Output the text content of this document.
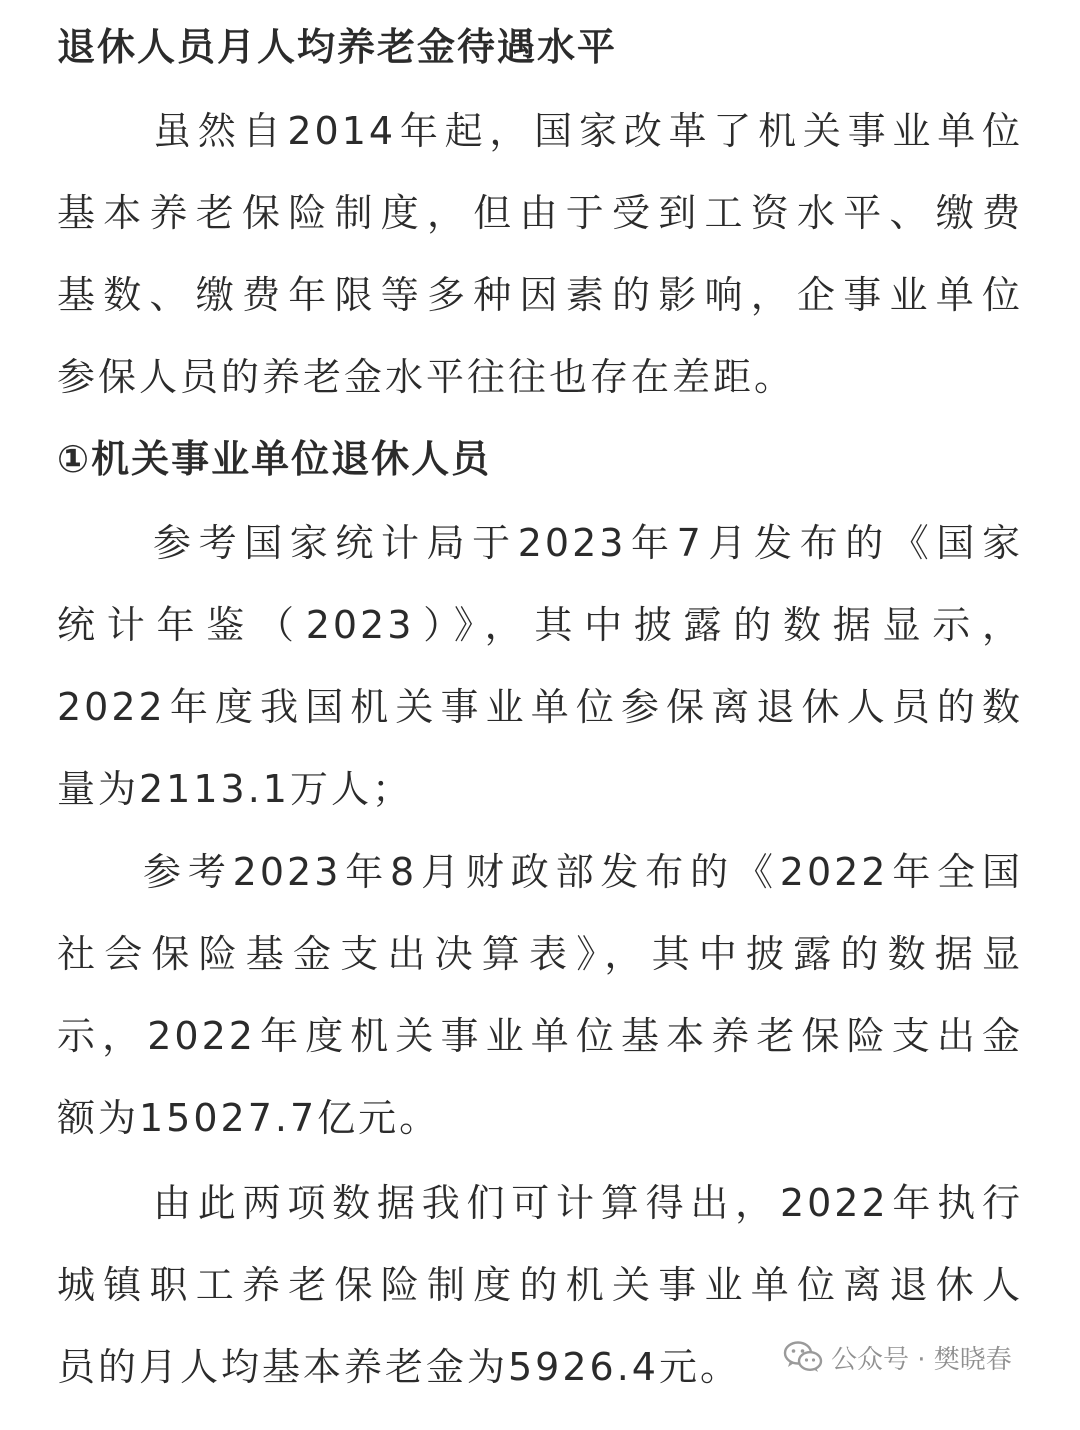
退休人员月人均养老金待遇水平
虽然自2014年起，国家改革了机关事业单位
基本养老保险制度，但由于受到工资水平、缴费
基数、缴费年限等多种因素的影响，企事业单位
参保人员的养老金水平往往也存在差距。
①机关事业单位退休人员
参考国家统计局于2023年7月发布的《国家
统计年鉴（2023）》，其中披露的数据显示，
2022年度我国机关事业单位参保离退休人员的数
量为2113.1万人；
参考2023年8月财政部发布的《2022年全国
社会保险基金支出决算表》，其中披露的数据显
示，2022年度机关事业单位基本养老保险支出金
额为15027.7亿元。
由此两项数据我们可计算得出，2022年执行
城镇职工养老保险制度的机关事业单位离退休人
员的月人均基本养老金为5926.4元。	公众号 · 樊晓春
